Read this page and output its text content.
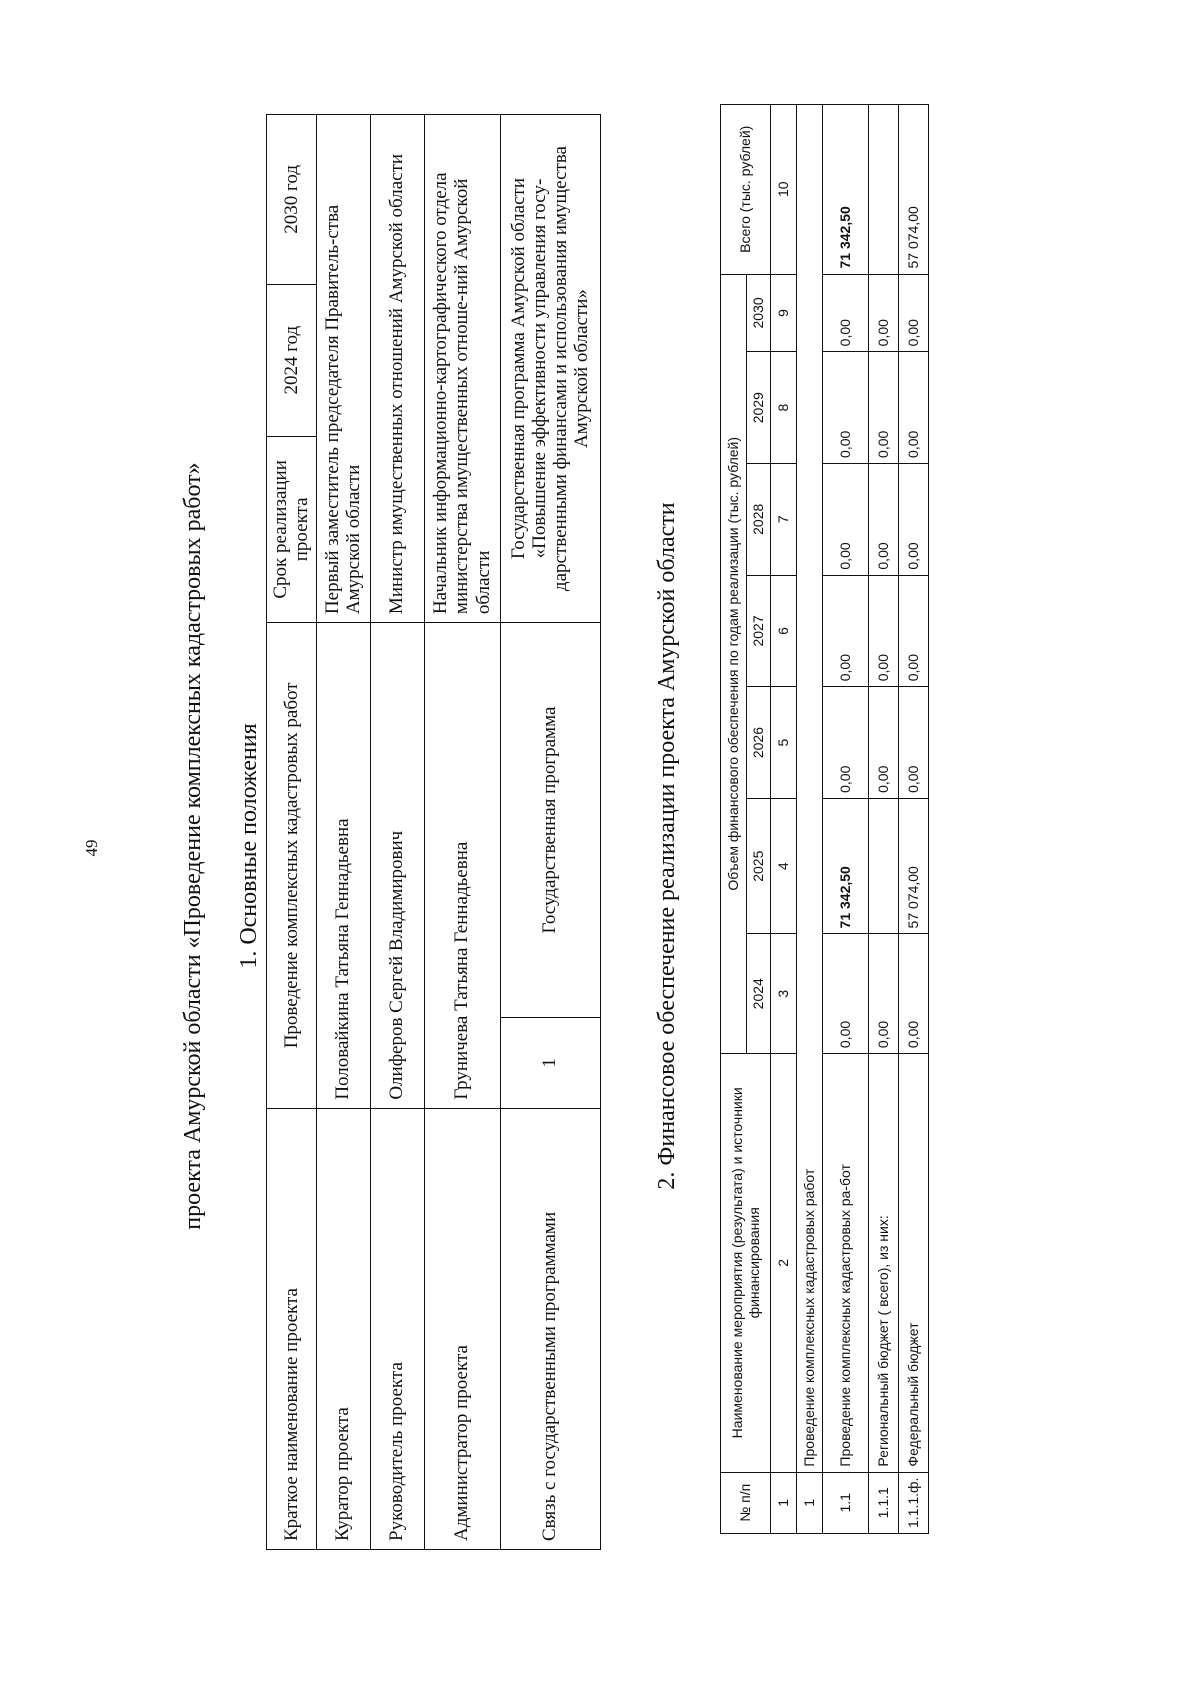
49	проекта Амурской области «Проведение комплексных кадастровых работ» 1. Основные положения
Краткое наименование проекта	Проведение комплексных кадастровых работ		Срок реализации проекта	2024 год	2030 год
Куратор проекта	Половайкина Татьяна Геннадьевна		Первый заместитель председателя Правитель-ства Амурской области		
Руководитель проекта	Олиферов Сергей Владимирович		Министр имущественных отношений Амурской области		
Администратор проекта	Груничева Татьяна Геннадьевна		Начальник информационно-картографического отдела министерства имущественных отноше-ний Амурской области		
Связь с государственными программами	1	Государственная программа	Государственная программа Амурской области «Повышение эффективности управления госу-дарственными финансами и использования имущества Амурской области»		
2. Финансовое обеспечение реализации проекта Амурской области
№ п/п	Наименование мероприятия (результата) и источники финансирования	Объем финансового обеспечения по годам реализации (тыс. рублей)							Всего (тыс. рублей)
		2024	2025	2026	2027	2028	2029	2030	
1	2	3	4	5	6	7	8	9	10
1	Проведение комплексных кадастровых работ								
1.1	Проведение комплексных кадастровых ра-бот	0,00	71 342,50	0,00	0,00	0,00	0,00	0,00	71 342,50
1.1.1	Региональный бюджет ( всего), из них:	0,00		0,00	0,00	0,00	0,00	0,00	
1.1.1.ф.	Федеральный бюджет	0,00	57 074,00	0,00	0,00	0,00	0,00	0,00	57 074,00
